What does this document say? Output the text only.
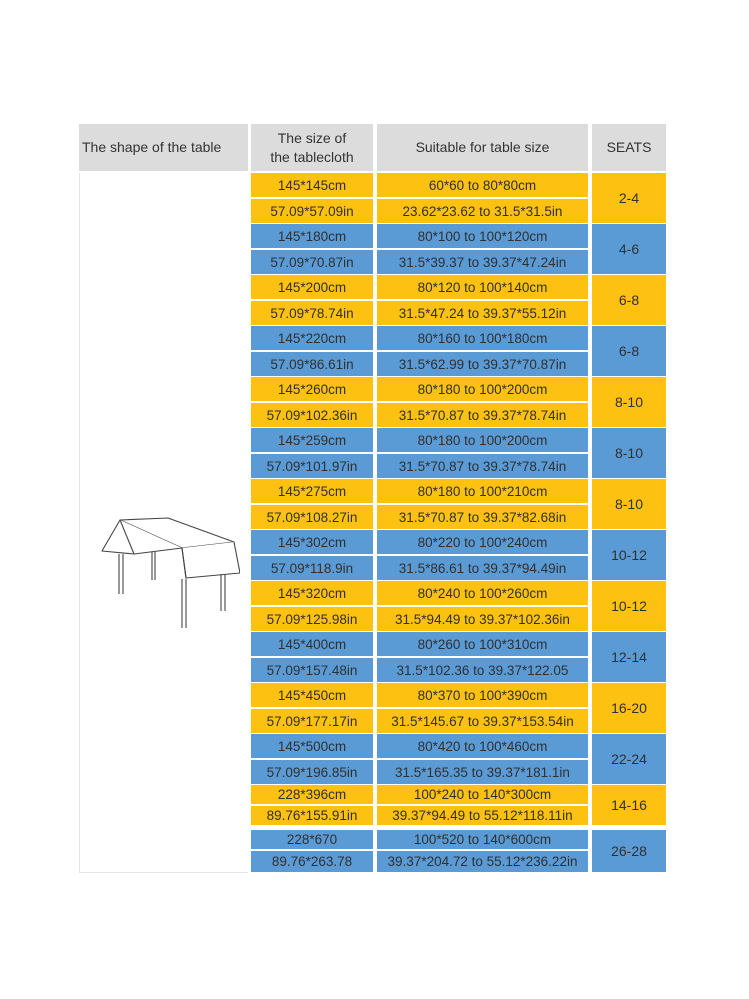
The shape of the table
The size of
the tablecloth
Suitable for table size	SEATS
145*145cm
57.09*57.09in
60*60 to 80*80cm
23.62*23.62 to 31.5*31.5in
2-4
145*180cm
57.09*70.87in
80*100 to 100*120cm
31.5*39.37 to 39.37*47.24in
4-6
145*200cm
57.09*78.74in
80*120 to 100*140cm
31.5*47.24 to 39.37*55.12in
6-8
145*220cm
57.09*86.61in
80*160 to 100*180cm
31.5*62.99 to 39.37*70.87in
6-8
145*260cm
57.09*102.36in
80*180 to 100*200cm
31.5*70.87 to 39.37*78.74in
8-10
145*259cm
57.09*101.97in
80*180 to 100*200cm
31.5*70.87 to 39.37*78.74in
8-10
145*275cm
57.09*108.27in
80*180 to 100*210cm
31.5*70.87 to 39.37*82.68in
8-10
145*302cm
57.09*118.9in
80*220 to 100*240cm
31.5*86.61 to 39.37*94.49in
10-12
145*320cm
57.09*125.98in
80*240 to 100*260cm
31.5*94.49 to 39.37*102.36in
10-12
145*400cm
57.09*157.48in
80*260 to 100*310cm
31.5*102.36 to 39.37*122.05
12-14
145*450cm
57.09*177.17in
80*370 to 100*390cm
31.5*145.67 to 39.37*153.54in
16-20
145*500cm
57.09*196.85in
80*420 to 100*460cm
31.5*165.35 to 39.37*181.1in
22-24
228*396cm
89.76*155.91in
100*240 to 140*300cm
39.37*94.49 to 55.12*118.11in
14-16
228*670
89.76*263.78
100*520 to 140*600cm
39.37*204.72 to 55.12*236.22in
26-28
